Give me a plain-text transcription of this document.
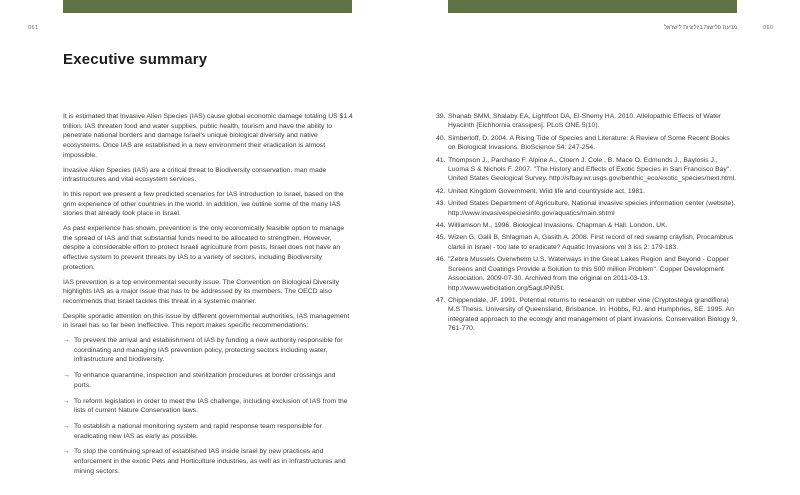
061
Executive summary

It is estimated that Invasive Alien Species (IAS) cause global economic damage totaling US $1.4 trillion. IAS threaten food and water supplies, public health, tourism and have the ability to penetrate national borders and damage Israel's unique biological diversity and native ecosystems. Once IAS are established in a new environment their eradication is almost impossible.

Invasive Alien Species (IAS) are a critical threat to Biodiversity conservation, man made infrastructures and vital ecosystem services.

In this report we present a few predicted scenarios for IAS introduction to Israel, based on the grim experience of other countries in the world. In addition, we outline some of the many IAS stories that already took place in Israel.

As past experience has shown, prevention is the only economically feasible option to manage the spread of IAS and that substantial funds need to be allocated to strengthen. However, despite a considerable effort to protect Israeli agriculture from pests, Israel does not have an effective system to prevent threats by IAS to a variety of sectors, including Biodiversity protection.

IAS prevention is a top environmental security issue. The Convention on Biological Diversity highlights IAS as a major issue that has to be addressed by its members. The OECD also recommends that Israel tackles this threat in a systemic manner.

Despite sporadic attention on this issue by different governmental authorities, IAS management in Israel has so far been ineffective. This report makes specific recommendations:

→ To prevent the arrival and establishment of IAS by funding a new authority responsible for coordinating and managing IAS prevention policy, protecting sectors including water, infrastructure and biodiversity.
→ To enhance quarantine, inspection and sterilization procedures at border crossings and ports.
→ To reform legislation in order to meet the IAS challenge, including exclusion of IAS from the lists of current Nature Conservation laws.
→ To establish a national monitoring system and rapid response team responsible for eradicating new IAS as early as possible.
→ To stop the continuing spread of established IAS inside Israel by new practices and enforcement in the exotic Pets and Horticulture industries, as well as in Infrastructures and mining sectors.
מניעת פלישות ביולוגיות לישראל	060
39. Shanab SMM, Shalaby EA, Lightfoot DA, El-Shemy HA. 2010. Allelopathic Effects of Water Hyacinth [Eichhornia crassipes]. PLoS ONE 5(10).
40. Simberloff, D. 2004. A Rising Tide of Species and Literature: A Review of Some Recent Books on Biological Invasions. BioScience 54: 247-254.
41. Thompson J., Parchaso F. Alpine A., Cloern J. Cole , B. Mace O. Edmunds J., Baylosis J., Luoma S & Nichols F. 2007. "The History and Effects of Exotic Species in San Francisco Bay". United States Geological Survey. http://sfbay.wr.usgs.gov/benthic_eco/exotic_species/next.html.
42. United Kingdom Government, Wild life and countryside act, 1981.
43. United States Department of Agriculture, National invasive species information center (website). http://www.invasivespeciesinfo.gov/aquatics/main.shtml
44. Williamson M., 1996. Biological Invasions. Chapman & Hall. London, UK.
45. Wizen G, Galil B, Shlagman A, Gasith A. 2008. First record of red swamp crayfish, Procambrus clarkii in Israel - too late to eradicate? Aquatic Invasions vol 3 iss 2: 179-183.
46. "Zebra Mussels Overwhelm U.S. Waterways in the Great Lakes Region and Beyond - Copper Screens and Coatings Provide a Solution to this 500 million Problem". Copper Development Association. 2009-07-30. Archived from the original on 2011-03-13. http://www.webcitation.org/5agUPiNSt.
47. Chippendale, JF. 1991. Potential returns to research on rubber vine (Cryptostegia grandiflora) M.S Thesis. University of Queensland, Brisbance. In: Hobbs, RJ. and Humphries, SE. 1995. An integrated approach to the ecology and management of plant invasions. Conservation Biology 9, 761-770.
